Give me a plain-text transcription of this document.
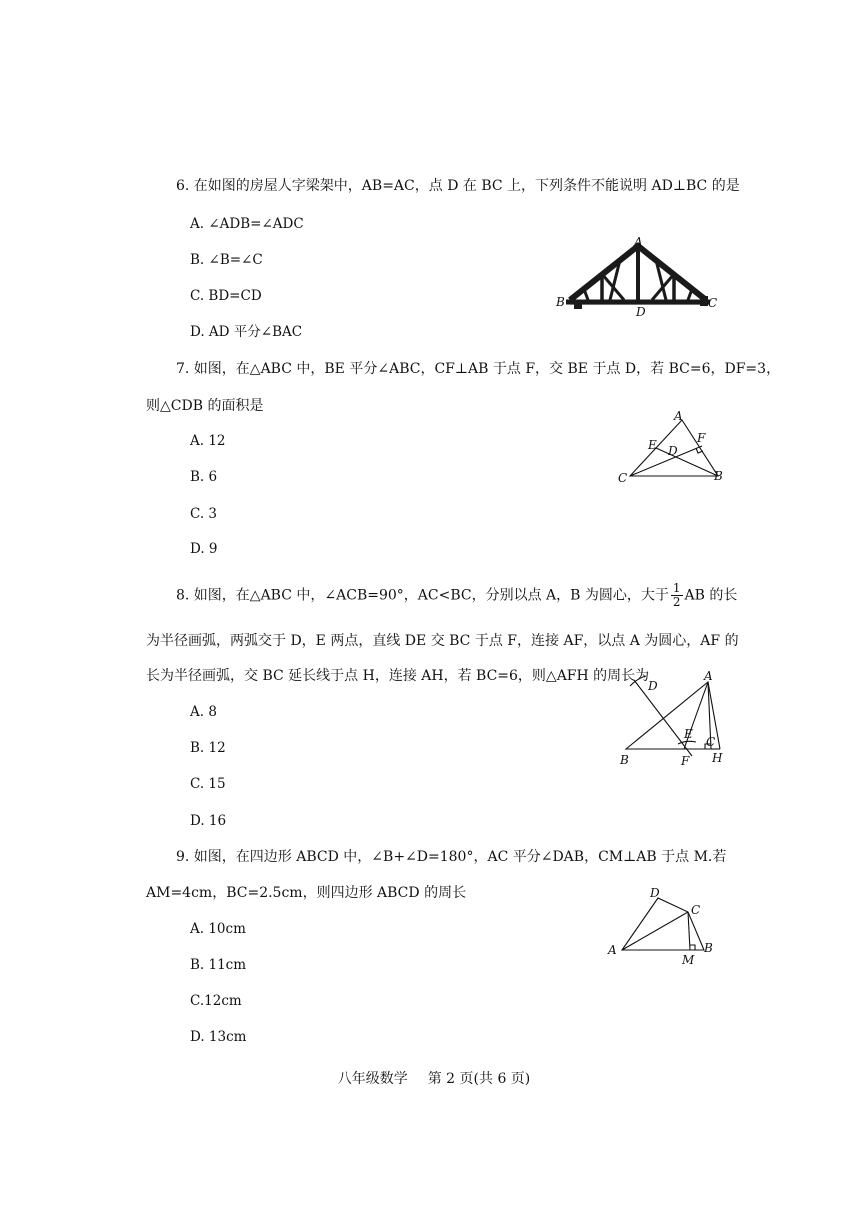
6. 在如图的房屋人字梁架中，AB=AC，点 D 在 BC 上，下列条件不能说明 AD⊥BC 的是
A. ∠ADB=∠ADC
B. ∠B=∠C
C. BD=CD
D. AD 平分∠BAC
A
B	C
D
7. 如图，在△ABC 中，BE 平分∠ABC，CF⊥AB 于点 F，交 BE 于点 D，若 BC=6，DF=3，
则△CDB 的面积是
A. 12
B. 6
C. 3
D. 9
A
E	F
D
C	B
8. 如图，在△ABC 中，∠ACB=90°，AC<BC，分别以点 A，B 为圆心，大于 $\frac{1}{2}$ AB 的长
为半径画弧，两弧交于 D，E 两点，直线 DE 交 BC 于点 F，连接 AF，以点 A 为圆心，AF 的
长为半径画弧，交 BC 延长线于点 H，连接 AH，若 BC=6，则△AFH 的周长为
A. 8
B. 12
C. 15
D. 16
D
A
E
C
B	F H
9. 如图，在四边形 ABCD 中，∠B+∠D=180°，AC 平分∠DAB，CM⊥AB 于点 M.若
AM=4cm，BC=2.5cm，则四边形 ABCD 的周长
A. 10cm
B. 11cm
C.12cm
D. 13cm
D
C
A
M
B
八年级数学 第 2 页(共 6 页)
